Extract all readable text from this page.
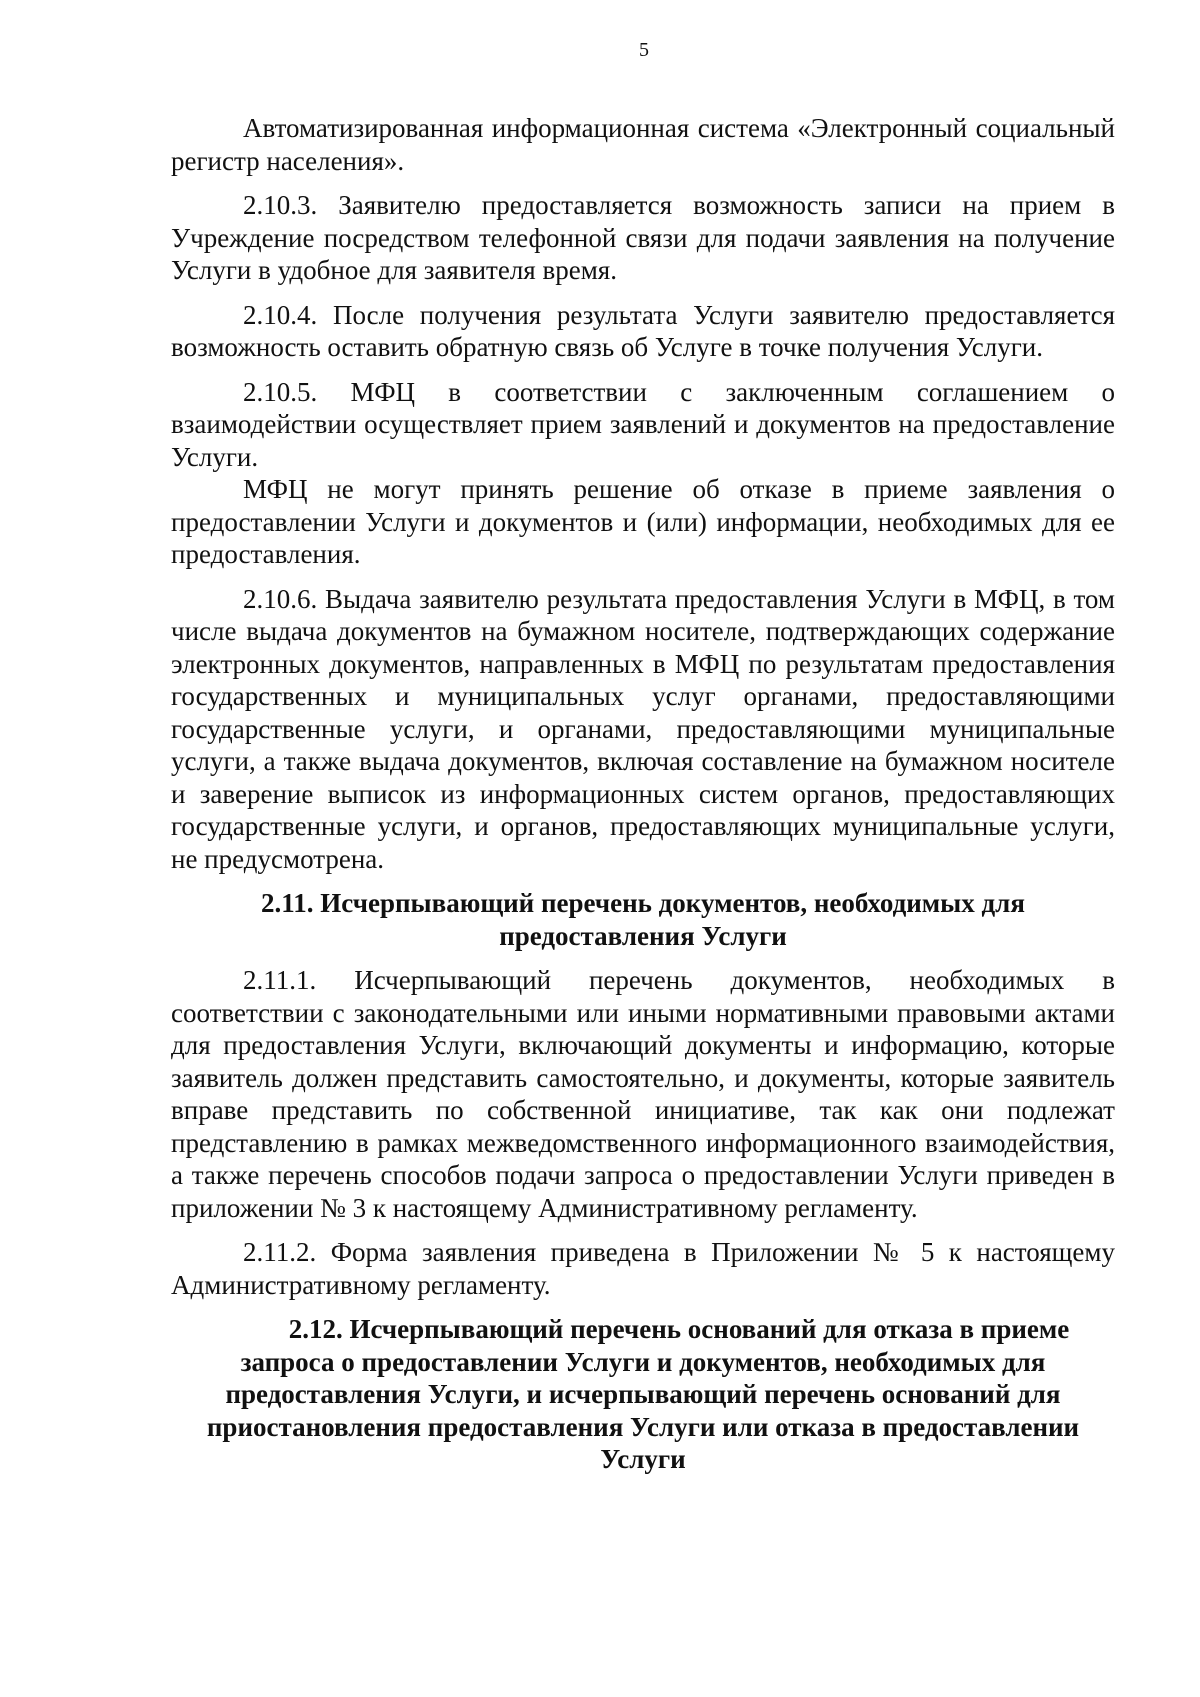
5

Автоматизированная информационная система «Электронный социальный регистр населения».

2.10.3. Заявителю предоставляется возможность записи на прием в Учреждение посредством телефонной связи для подачи заявления на получение Услуги в удобное для заявителя время.

2.10.4. После получения результата Услуги заявителю предоставляется возможность оставить обратную связь об Услуге в точке получения Услуги.

2.10.5. МФЦ в соответствии с заключенным соглашением о взаимодействии осуществляет прием заявлений и документов на предоставление Услуги.

МФЦ не могут принять решение об отказе в приеме заявления о предоставлении Услуги и документов и (или) информации, необходимых для ее предоставления.

2.10.6. Выдача заявителю результата предоставления Услуги в МФЦ, в том числе выдача документов на бумажном носителе, подтверждающих содержание электронных документов, направленных в МФЦ по результатам предоставления государственных и муниципальных услуг органами, предоставляющими государственные услуги, и органами, предоставляющими муниципальные услуги, а также выдача документов, включая составление на бумажном носителе и заверение выписок из информационных систем органов, предоставляющих государственные услуги, и органов, предоставляющих муниципальные услуги, не предусмотрена.

2.11. Исчерпывающий перечень документов, необходимых для предоставления Услуги

2.11.1. Исчерпывающий перечень документов, необходимых в соответствии с законодательными или иными нормативными правовыми актами для предоставления Услуги, включающий документы и информацию, которые заявитель должен представить самостоятельно, и документы, которые заявитель вправе представить по собственной инициативе, так как они подлежат представлению в рамках межведомственного информационного взаимодействия, а также перечень способов подачи запроса о предоставлении Услуги приведен в приложении № 3 к настоящему Административному регламенту.

2.11.2. Форма заявления приведена в Приложении № 5 к настоящему Административному регламенту.

2.12. Исчерпывающий перечень оснований для отказа в приеме запроса о предоставлении Услуги и документов, необходимых для предоставления Услуги, и исчерпывающий перечень оснований для приостановления предоставления Услуги или отказа в предоставлении Услуги
